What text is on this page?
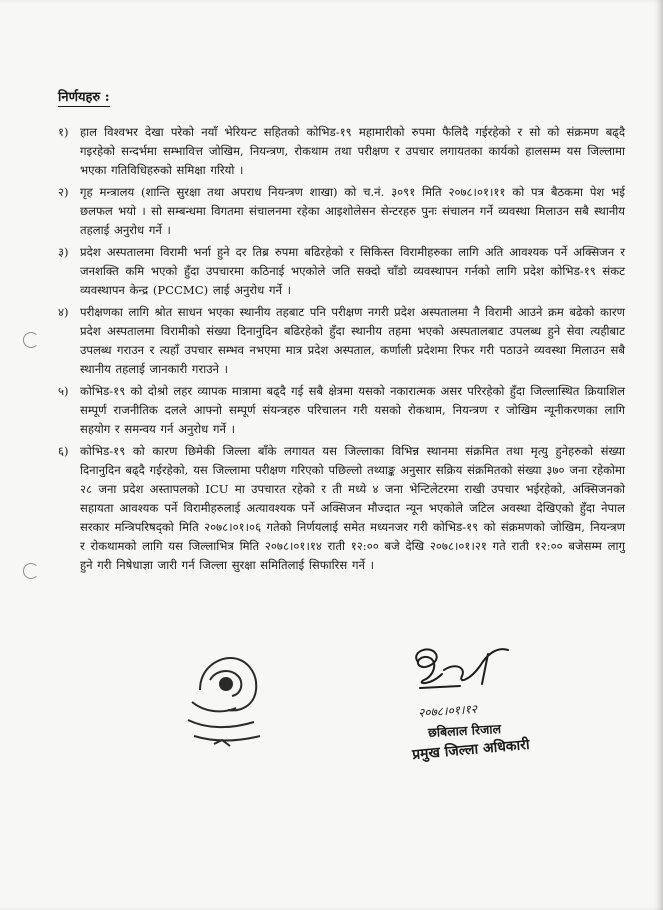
निर्णयहरु :
१) हाल विश्वभर देखा परेको नयाँ भेरियन्ट सहितको कोभिड-१९ महामारीको रुपमा फैलिदै गईरहेको र सो को संक्रमण बढ्दै गइरहेको सन्दर्भमा सम्भावित्त जोखिम, नियन्त्रण, रोकथाम तथा परीक्षण र उपचार लगायतका कार्यको हालसम्म यस जिल्लामा भएका गतिविधिहरुको समिक्षा गरियो ।
२) गृह मन्त्रालय (शान्ति सुरक्षा तथा अपराध नियन्त्रण शाखा) को च.नं. ३०९१ मिति २०७८।०१।११ को पत्र बैठकमा पेश भई छलफल भयो । सो सम्बन्धमा विगतमा संचालनमा रहेका आइशोलेसन सेन्टरहरु पुनः संचालन गर्ने व्यवस्था मिलाउन सबै स्थानीय तहलाई अनुरोध गर्ने ।
३) प्रदेश अस्पतालमा विरामी भर्ना हुने दर तिब्र रुपमा बढिरहेको र सिकिस्त विरामीहरुका लागि अति आवश्यक पर्ने अक्सिजन र जनशक्ति कमि भएको हुँदा उपचारमा कठिनाई भएकोले जति सक्दो चाँडो व्यवस्थापन गर्नको लागि प्रदेश कोभिड-१९ संकट व्यवस्थापन केन्द्र (PCCMC) लाई अनुरोध गर्ने ।
४) परीक्षणका लागि श्रोत साधन भएका स्थानीय तहबाट पनि परीक्षण नगरी प्रदेश अस्पतालमा नै विरामी आउने क्रम बढेको कारण प्रदेश अस्पतालमा विरामीको संख्या दिनानुदिन बढिरहेको हुँदा स्थानीय तहमा भएको अस्पतालबाट उपलब्ध हुने सेवा त्यहीबाट उपलब्ध गराउन र त्यहाँ उपचार सम्भव नभएमा मात्र प्रदेश अस्पताल, कर्णाली प्रदेशमा रिफर गरी पठाउने व्यवस्था मिलाउन सबै स्थानीय तहलाई जानकारी गराउने ।
५) कोभिड-१९ को दोश्रो लहर व्यापक मात्रामा बढ्दै गई सबै क्षेत्रमा यसको नकारात्मक असर परिरहेको हुँदा जिल्लास्थित क्रियाशिल सम्पूर्ण राजनीतिक दलले आफ्नो सम्पूर्ण संयन्त्रहरु परिचालन गरी यसको रोकथाम, नियन्त्रण र जोखिम न्यूनीकरणका लागि सहयोग र समन्वय गर्न अनुरोध गर्ने ।
६) कोभिड-१९ को कारण छिमेकी जिल्ला बाँके लगायत यस जिल्लाका विभिन्न स्थानमा संक्रमित तथा मृत्यु हुनेहरुको संख्या दिनानुदिन बढ्दै गईरहेको, यस जिल्लामा परीक्षण गरिएको पछिल्लो तथ्याङ्क अनुसार सक्रिय संक्रमितको संख्या ३७० जना रहेकोमा २८ जना प्रदेश अस्तापलको ICU मा उपचारत रहेको र ती मध्ये ४ जना भेन्टिलेटरमा राखी उपचार भईरहेको, अक्सिजनको सहायता आवश्यक पर्ने विरामीहरुलाई अत्यावश्यक पर्ने अक्सिजन मौज्दात न्यून भएकोले जटिल अवस्था देखिएको हुँदा नेपाल सरकार मन्त्रिपरिषद्को मिति २०७८।०१।०६ गतेको निर्णयलाई समेत मध्यनजर गरी कोभिड-१९ को संक्रमणको जोखिम, नियन्त्रण र रोकथामको लागि यस जिल्लाभित्र मिति २०७८।०१।१४ राती १२:०० बजे देखि २०७८।०१।२१ गते राती १२:०० बजेसम्म लागु हुने गरी निषेधाज्ञा जारी गर्न जिल्ला सुरक्षा समितिलाई सिफारिस गर्ने ।
२०७८।०१।१२
छबिलाल रिजाल
प्रमुख जिल्ला अधिकारी
